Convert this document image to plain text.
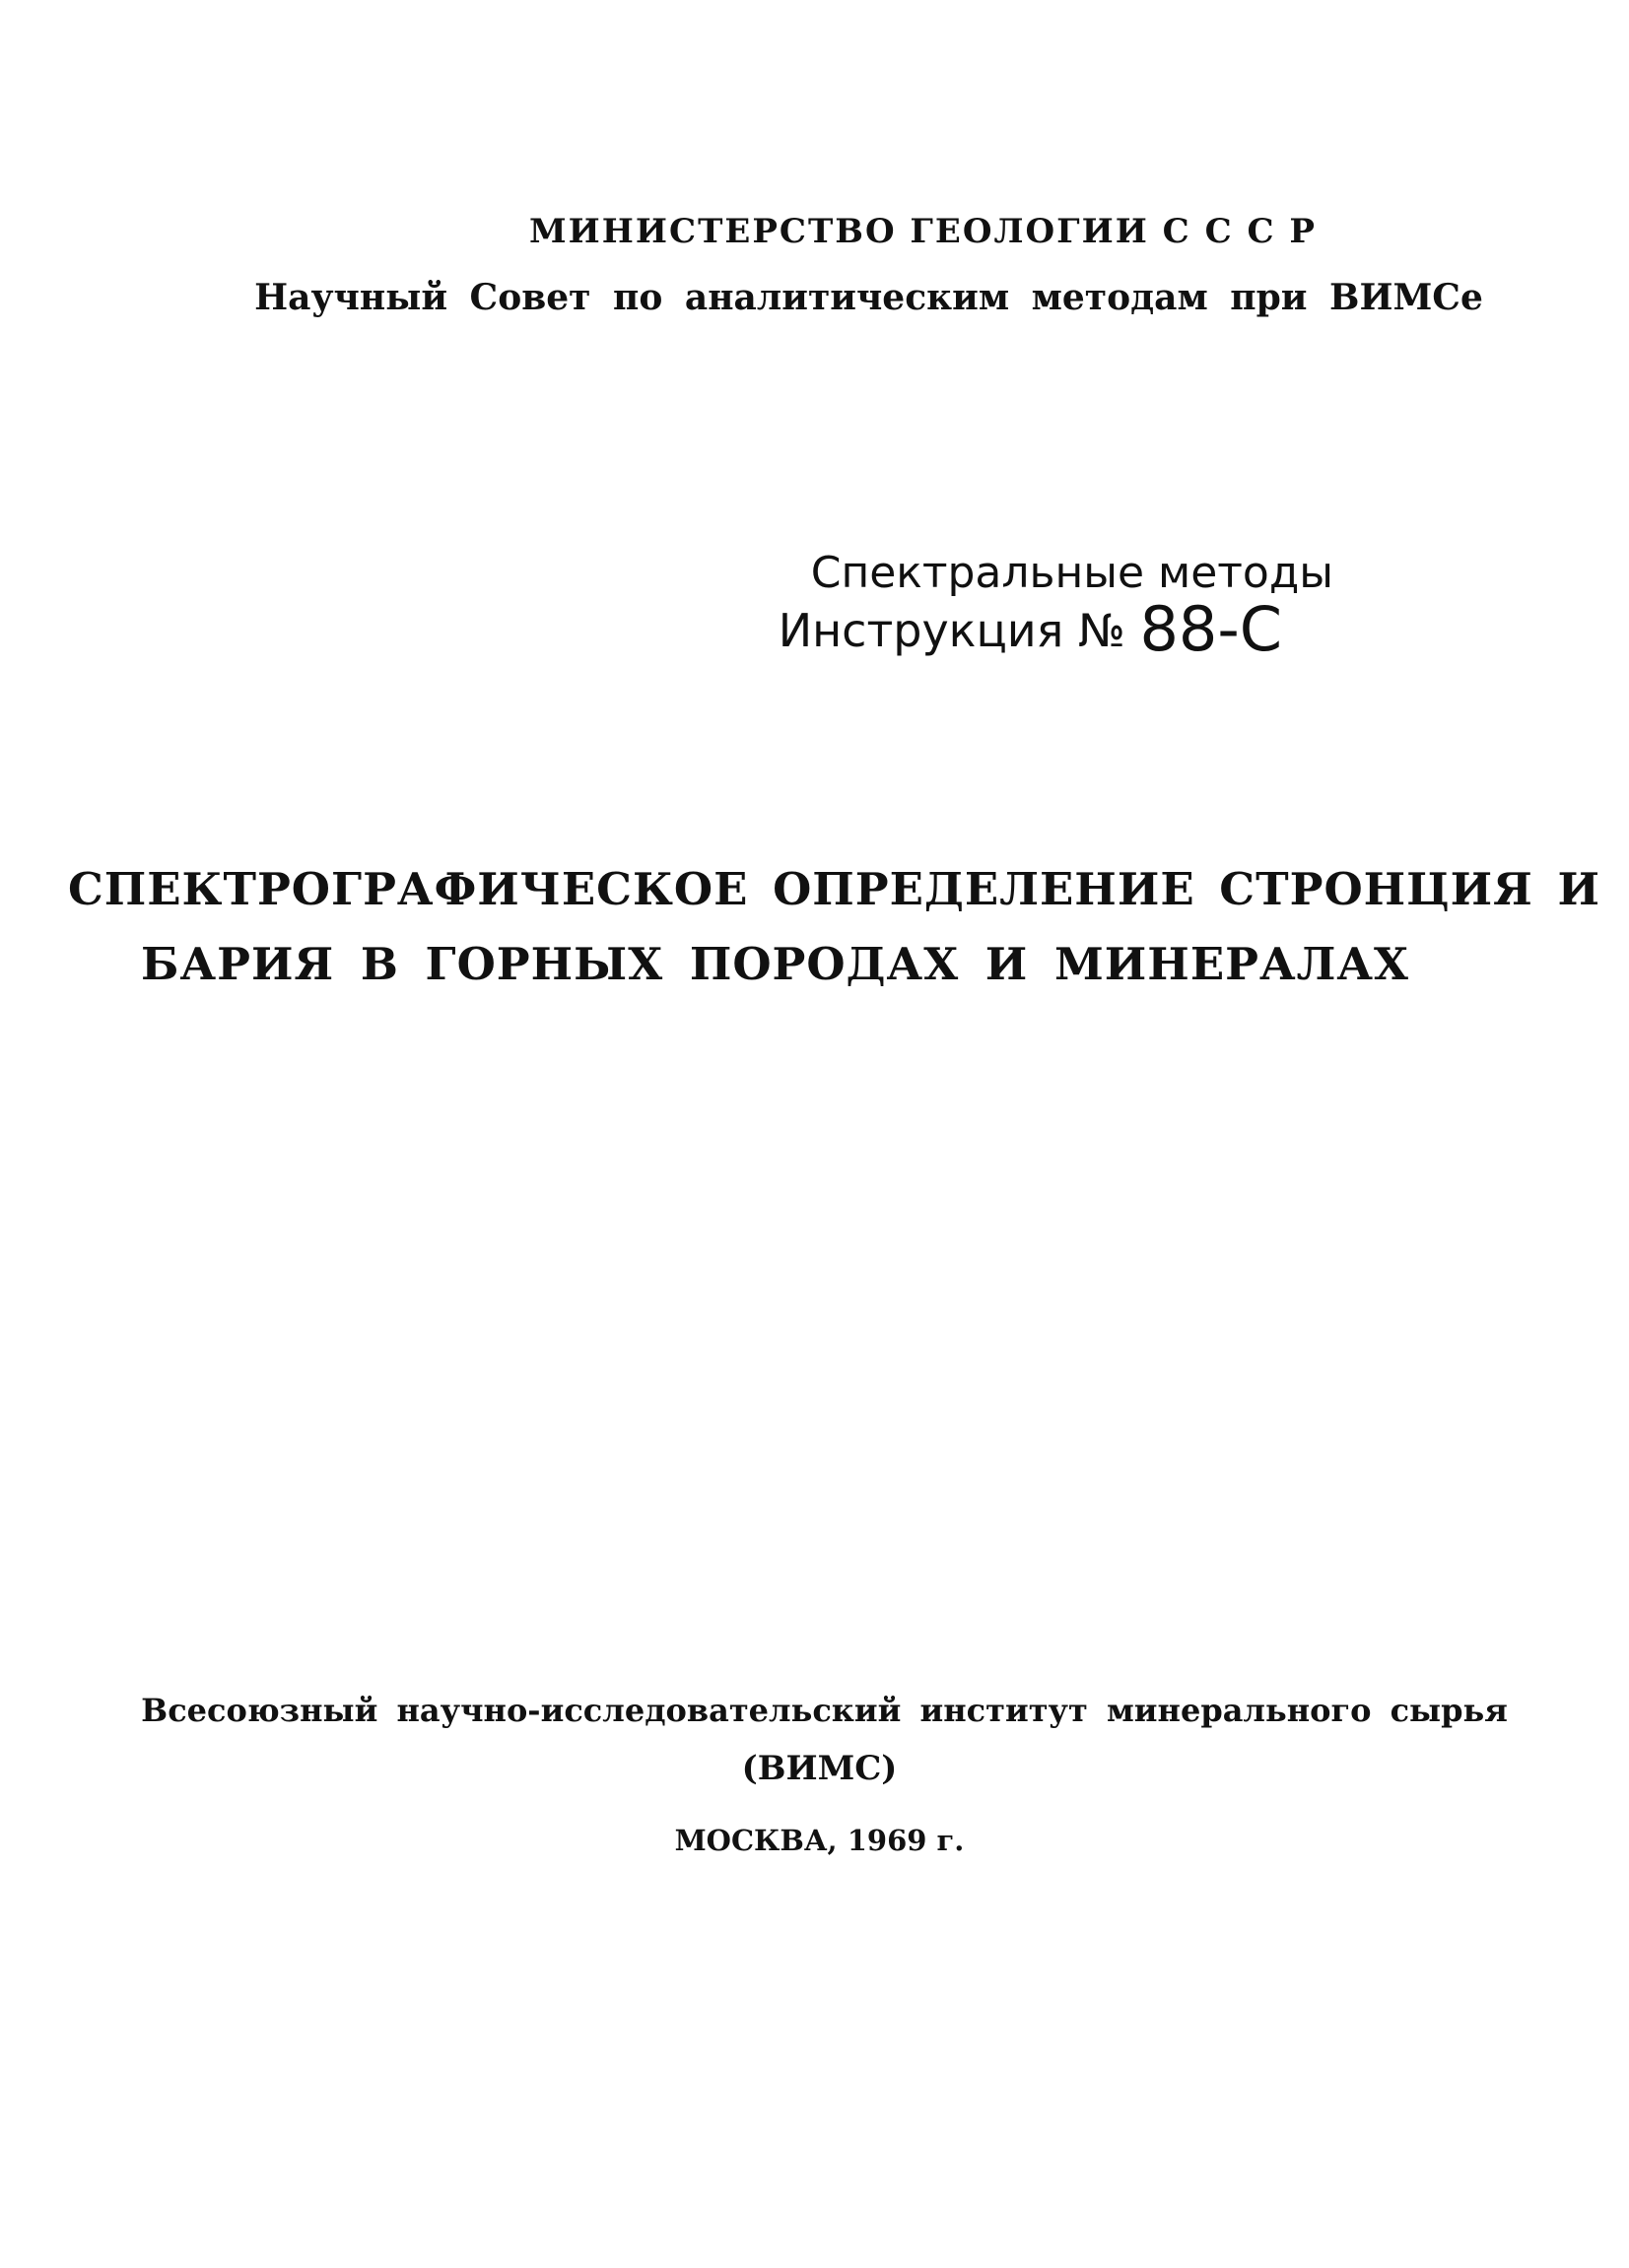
МИНИСТЕРСТВО ГЕОЛОГИИ С С С Р
Научный Совет по аналитическим методам при ВИМСе
Спектральные методы
Инструкция № 88-С
СПЕКТРОГРАФИЧЕСКОЕ ОПРЕДЕЛЕНИЕ СТРОНЦИЯ И
БАРИЯ В ГОРНЫХ ПОРОДАХ И МИНЕРАЛАХ
Всесоюзный научно-исследовательский институт минерального сырья
(ВИМС)
МОСКВА, 1969 г.
